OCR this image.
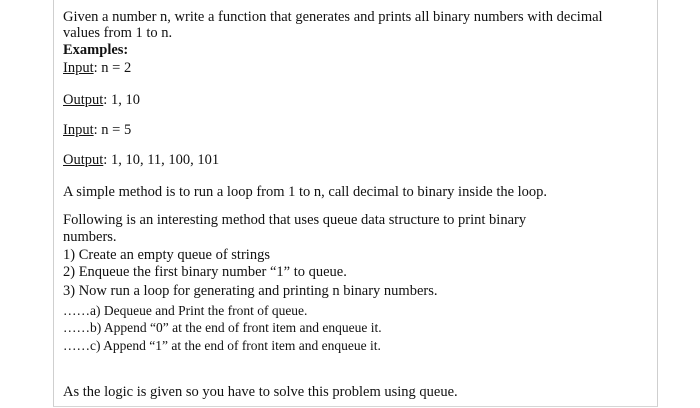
Given a number n, write a function that generates and prints all binary numbers with decimal
values from 1 to n.
Examples:
Input: n = 2
Output: 1, 10
Input: n = 5
Output: 1, 10, 11, 100, 101
A simple method is to run a loop from 1 to n, call decimal to binary inside the loop.
Following is an interesting method that uses queue data structure to print binary
numbers.
1) Create an empty queue of strings
2) Enqueue the first binary number “1” to queue.
3) Now run a loop for generating and printing n binary numbers.
……a) Dequeue and Print the front of queue.
……b) Append “0” at the end of front item and enqueue it.
……c) Append “1” at the end of front item and enqueue it.
As the logic is given so you have to solve this problem using queue.
